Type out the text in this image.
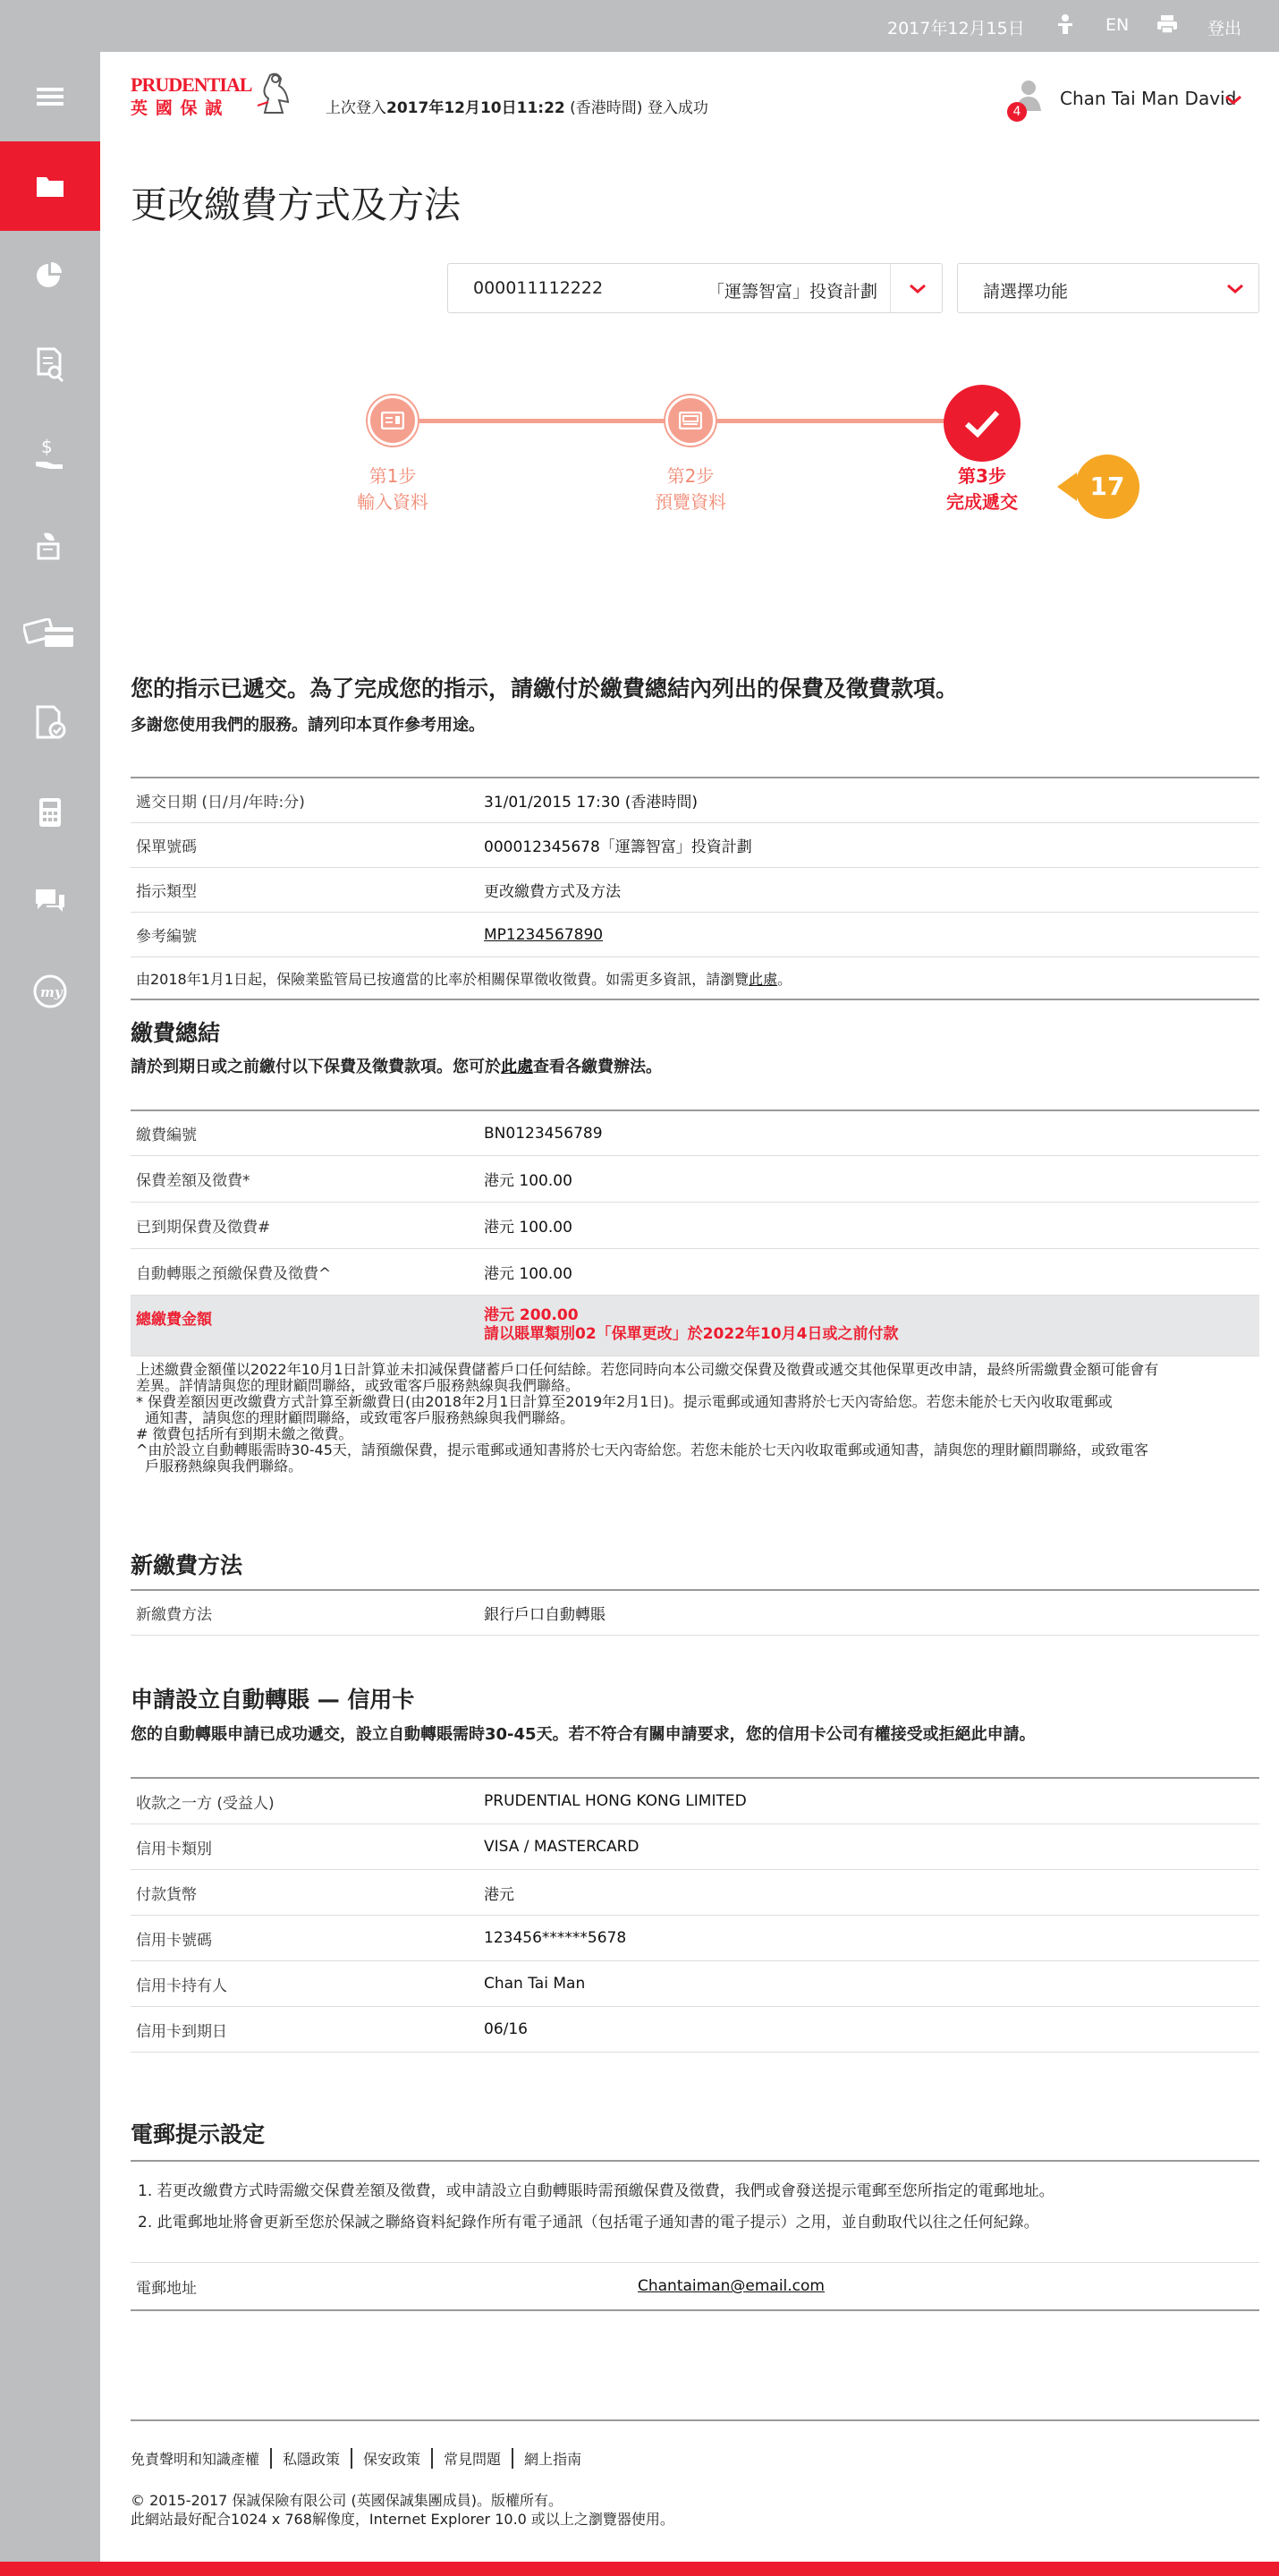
2017年12月15日	EN	登出
$
my
PRUDENTIAL
英 國 保 誠	上次登入2017年12月10日11:22 (香港時間) 登入成功	4
Chan Tai Man David
更改繳費方式及方法
000011112222	「運籌智富」投資計劃	請選擇功能
第1步
輸入資料
第2步
預覽資料
第3步
完成遞交
17
您的指示已遞交。為了完成您的指示，請繳付於繳費總結內列出的保費及徵費款項。
多謝您使用我們的服務。請列印本頁作參考用途。
遞交日期 (日/月/年時:分)	31/01/2015 17:30 (香港時間)
保單號碼	000012345678「運籌智富」投資計劃
指示類型	更改繳費方式及方法
參考編號	MP1234567890
由2018年1月1日起，保險業監管局已按適當的比率於相關保單徵收徵費。如需更多資訊，請瀏覽此處。
繳費總結
請於到期日或之前繳付以下保費及徵費款項。您可於此處查看各繳費辦法。
繳費編號	BN0123456789
保費差額及徵費*	港元 100.00
已到期保費及徵費#	港元 100.00
自動轉賬之預繳保費及徵費^	港元 100.00
總繳費金額	港元 200.00
請以賬單類別02「保單更改」於2022年10月4日或之前付款
上述繳費金額僅以2022年10月1日計算並未扣減保費儲蓄戶口任何結餘。若您同時向本公司繳交保費及徵費或遞交其他保單更改申請，最終所需繳費金額可能會有
差異。詳情請與您的理財顧問聯絡，或致電客戶服務熱線與我們聯絡。
* 保費差額因更改繳費方式計算至新繳費日(由2018年2月1日計算至2019年2月1日)。提示電郵或通知書將於七天內寄給您。若您未能於七天內收取電郵或
通知書，請與您的理財顧問聯絡，或致電客戶服務熱線與我們聯絡。
# 徵費包括所有到期未繳之徵費。
^由於設立自動轉賬需時30-45天，請預繳保費，提示電郵或通知書將於七天內寄給您。若您未能於七天內收取電郵或通知書，請與您的理財顧問聯絡，或致電客
戶服務熱線與我們聯絡。
新繳費方法
新繳費方法	銀行戶口自動轉賬
申請設立自動轉賬 — 信用卡
您的自動轉賬申請已成功遞交，設立自動轉賬需時30-45天。若不符合有關申請要求，您的信用卡公司有權接受或拒絕此申請。
收款之一方 (受益人)	PRUDENTIAL HONG KONG LIMITED
信用卡類別	VISA / MASTERCARD
付款貨幣	港元
信用卡號碼	123456******5678
信用卡持有人	Chan Tai Man
信用卡到期日	06/16
電郵提示設定
1. 若更改繳費方式時需繳交保費差額及徵費，或申請設立自動轉賬時需預繳保費及徵費，我們或會發送提示電郵至您所指定的電郵地址。
2. 此電郵地址將會更新至您於保誠之聯絡資料紀錄作所有電子通訊（包括電子通知書的電子提示）之用，並自動取代以往之任何紀錄。
電郵地址	Chantaiman@email.com
免責聲明和知識產權 私隱政策 保安政策 常見問題 網上指南
© 2015-2017 保誠保險有限公司 (英國保誠集團成員)。版權所有。
此網站最好配合1024 x 768解像度，Internet Explorer 10.0 或以上之瀏覽器使用。
